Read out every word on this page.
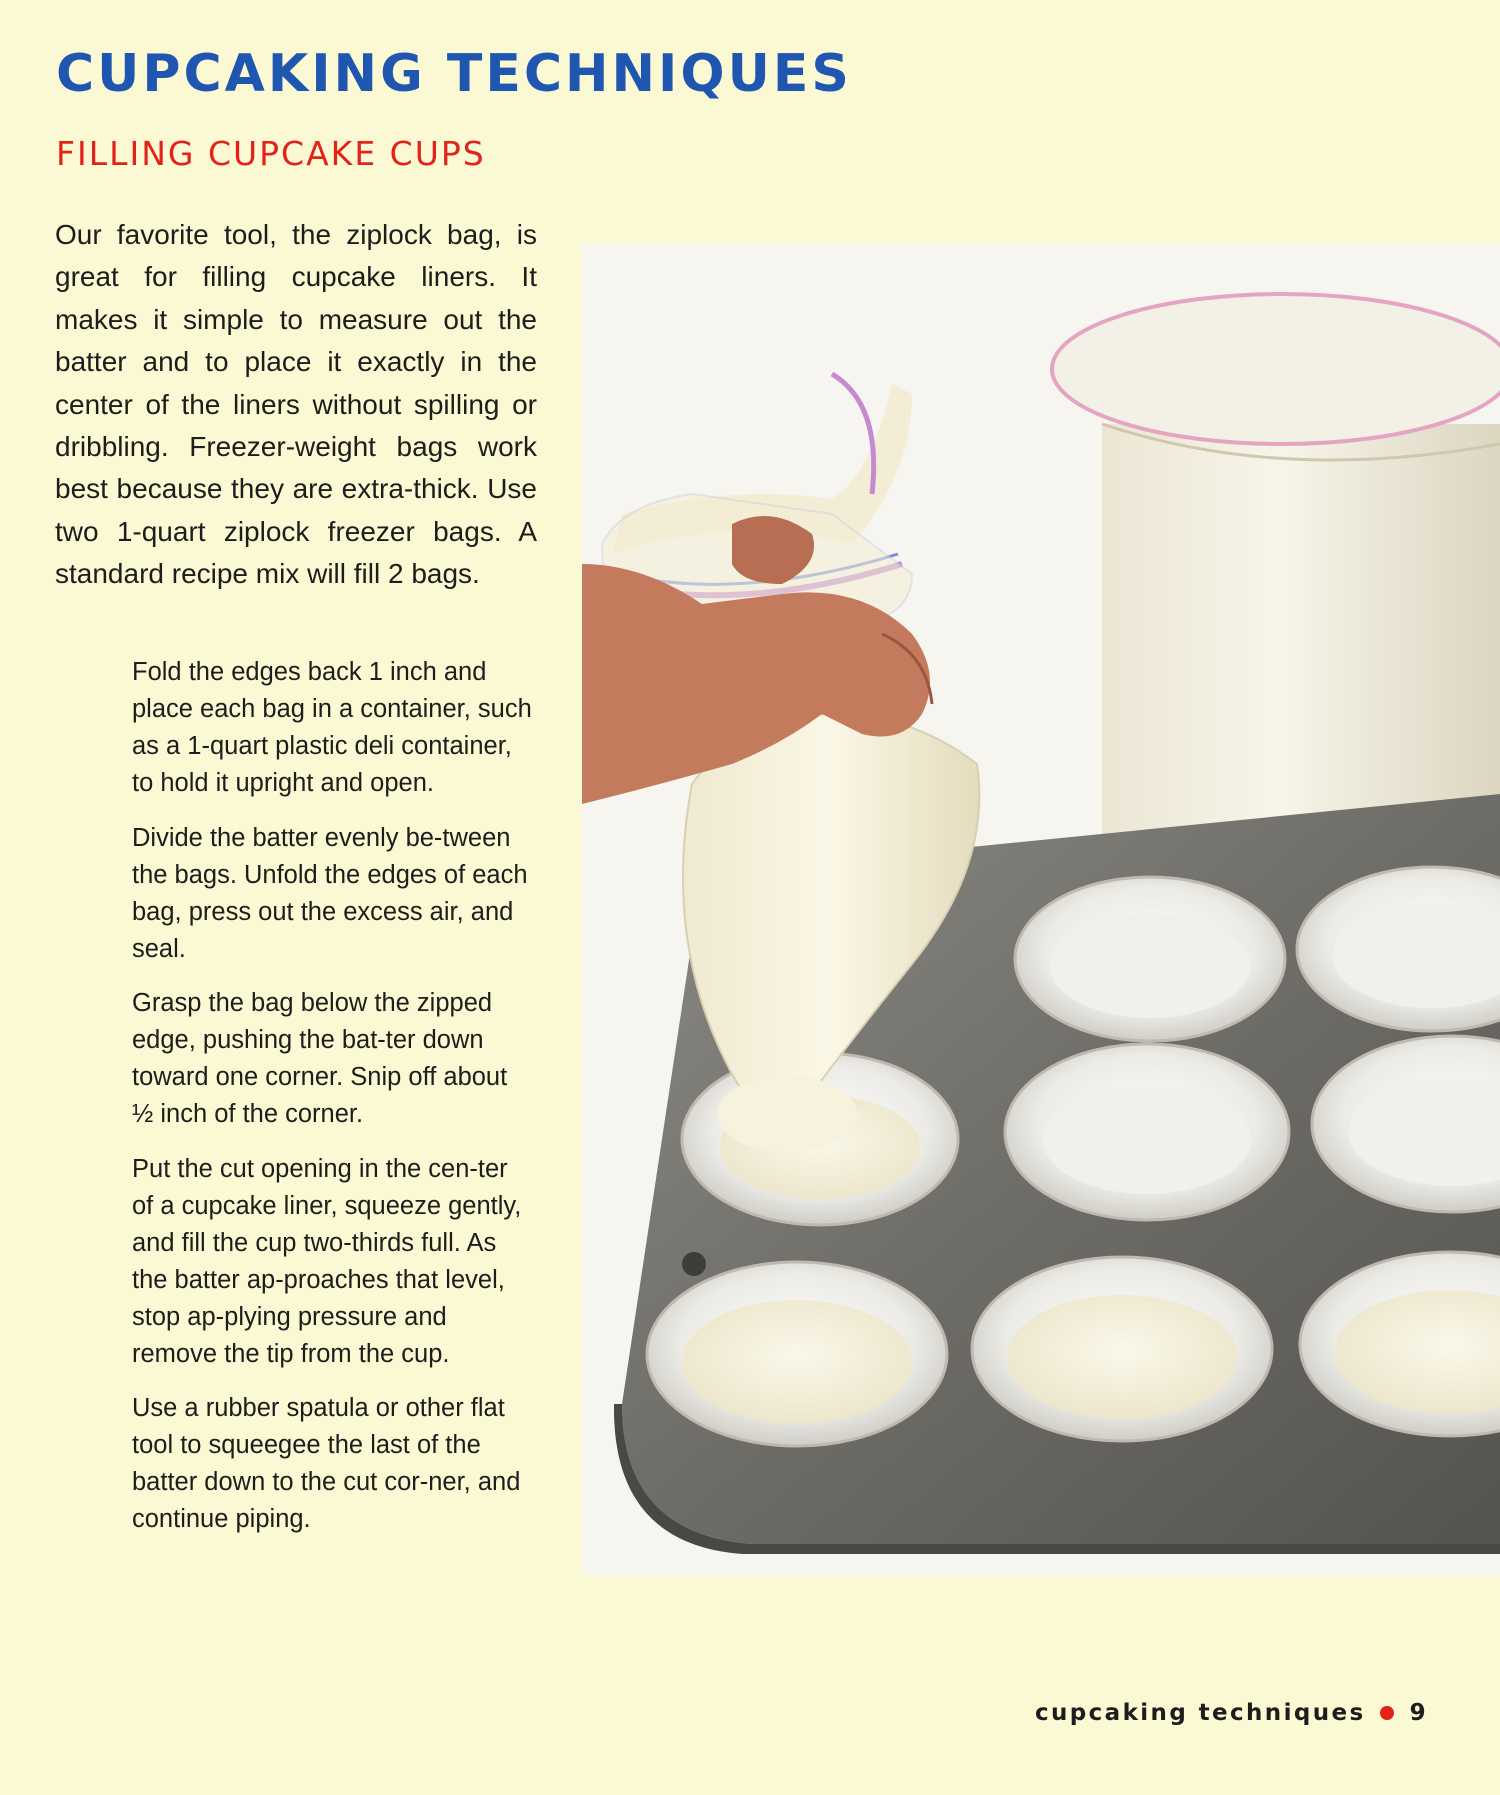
CUPCAKING TECHNIQUES
FILLING CUPCAKE CUPS

Our favorite tool, the ziplock bag, is great for filling cupcake liners. It makes it simple to measure out the batter and to place it exactly in the center of the liners without spilling or dribbling. Freezer-weight bags work best because they are extra-thick. Use two 1-quart ziplock freezer bags. A standard recipe mix will fill 2 bags.

Fold the edges back 1 inch and place each bag in a container, such as a 1-quart plastic deli container, to hold it upright and open.

Divide the batter evenly be-tween the bags. Unfold the edges of each bag, press out the excess air, and seal.

Grasp the bag below the zipped edge, pushing the bat-ter down toward one corner. Snip off about ½ inch of the corner.

Put the cut opening in the cen-ter of a cupcake liner, squeeze gently, and fill the cup two-thirds full. As the batter ap-proaches that level, stop ap-plying pressure and remove the tip from the cup.

Use a rubber spatula or other flat tool to squeegee the last of the batter down to the cut cor-ner, and continue piping.

cupcaking techniques 9
